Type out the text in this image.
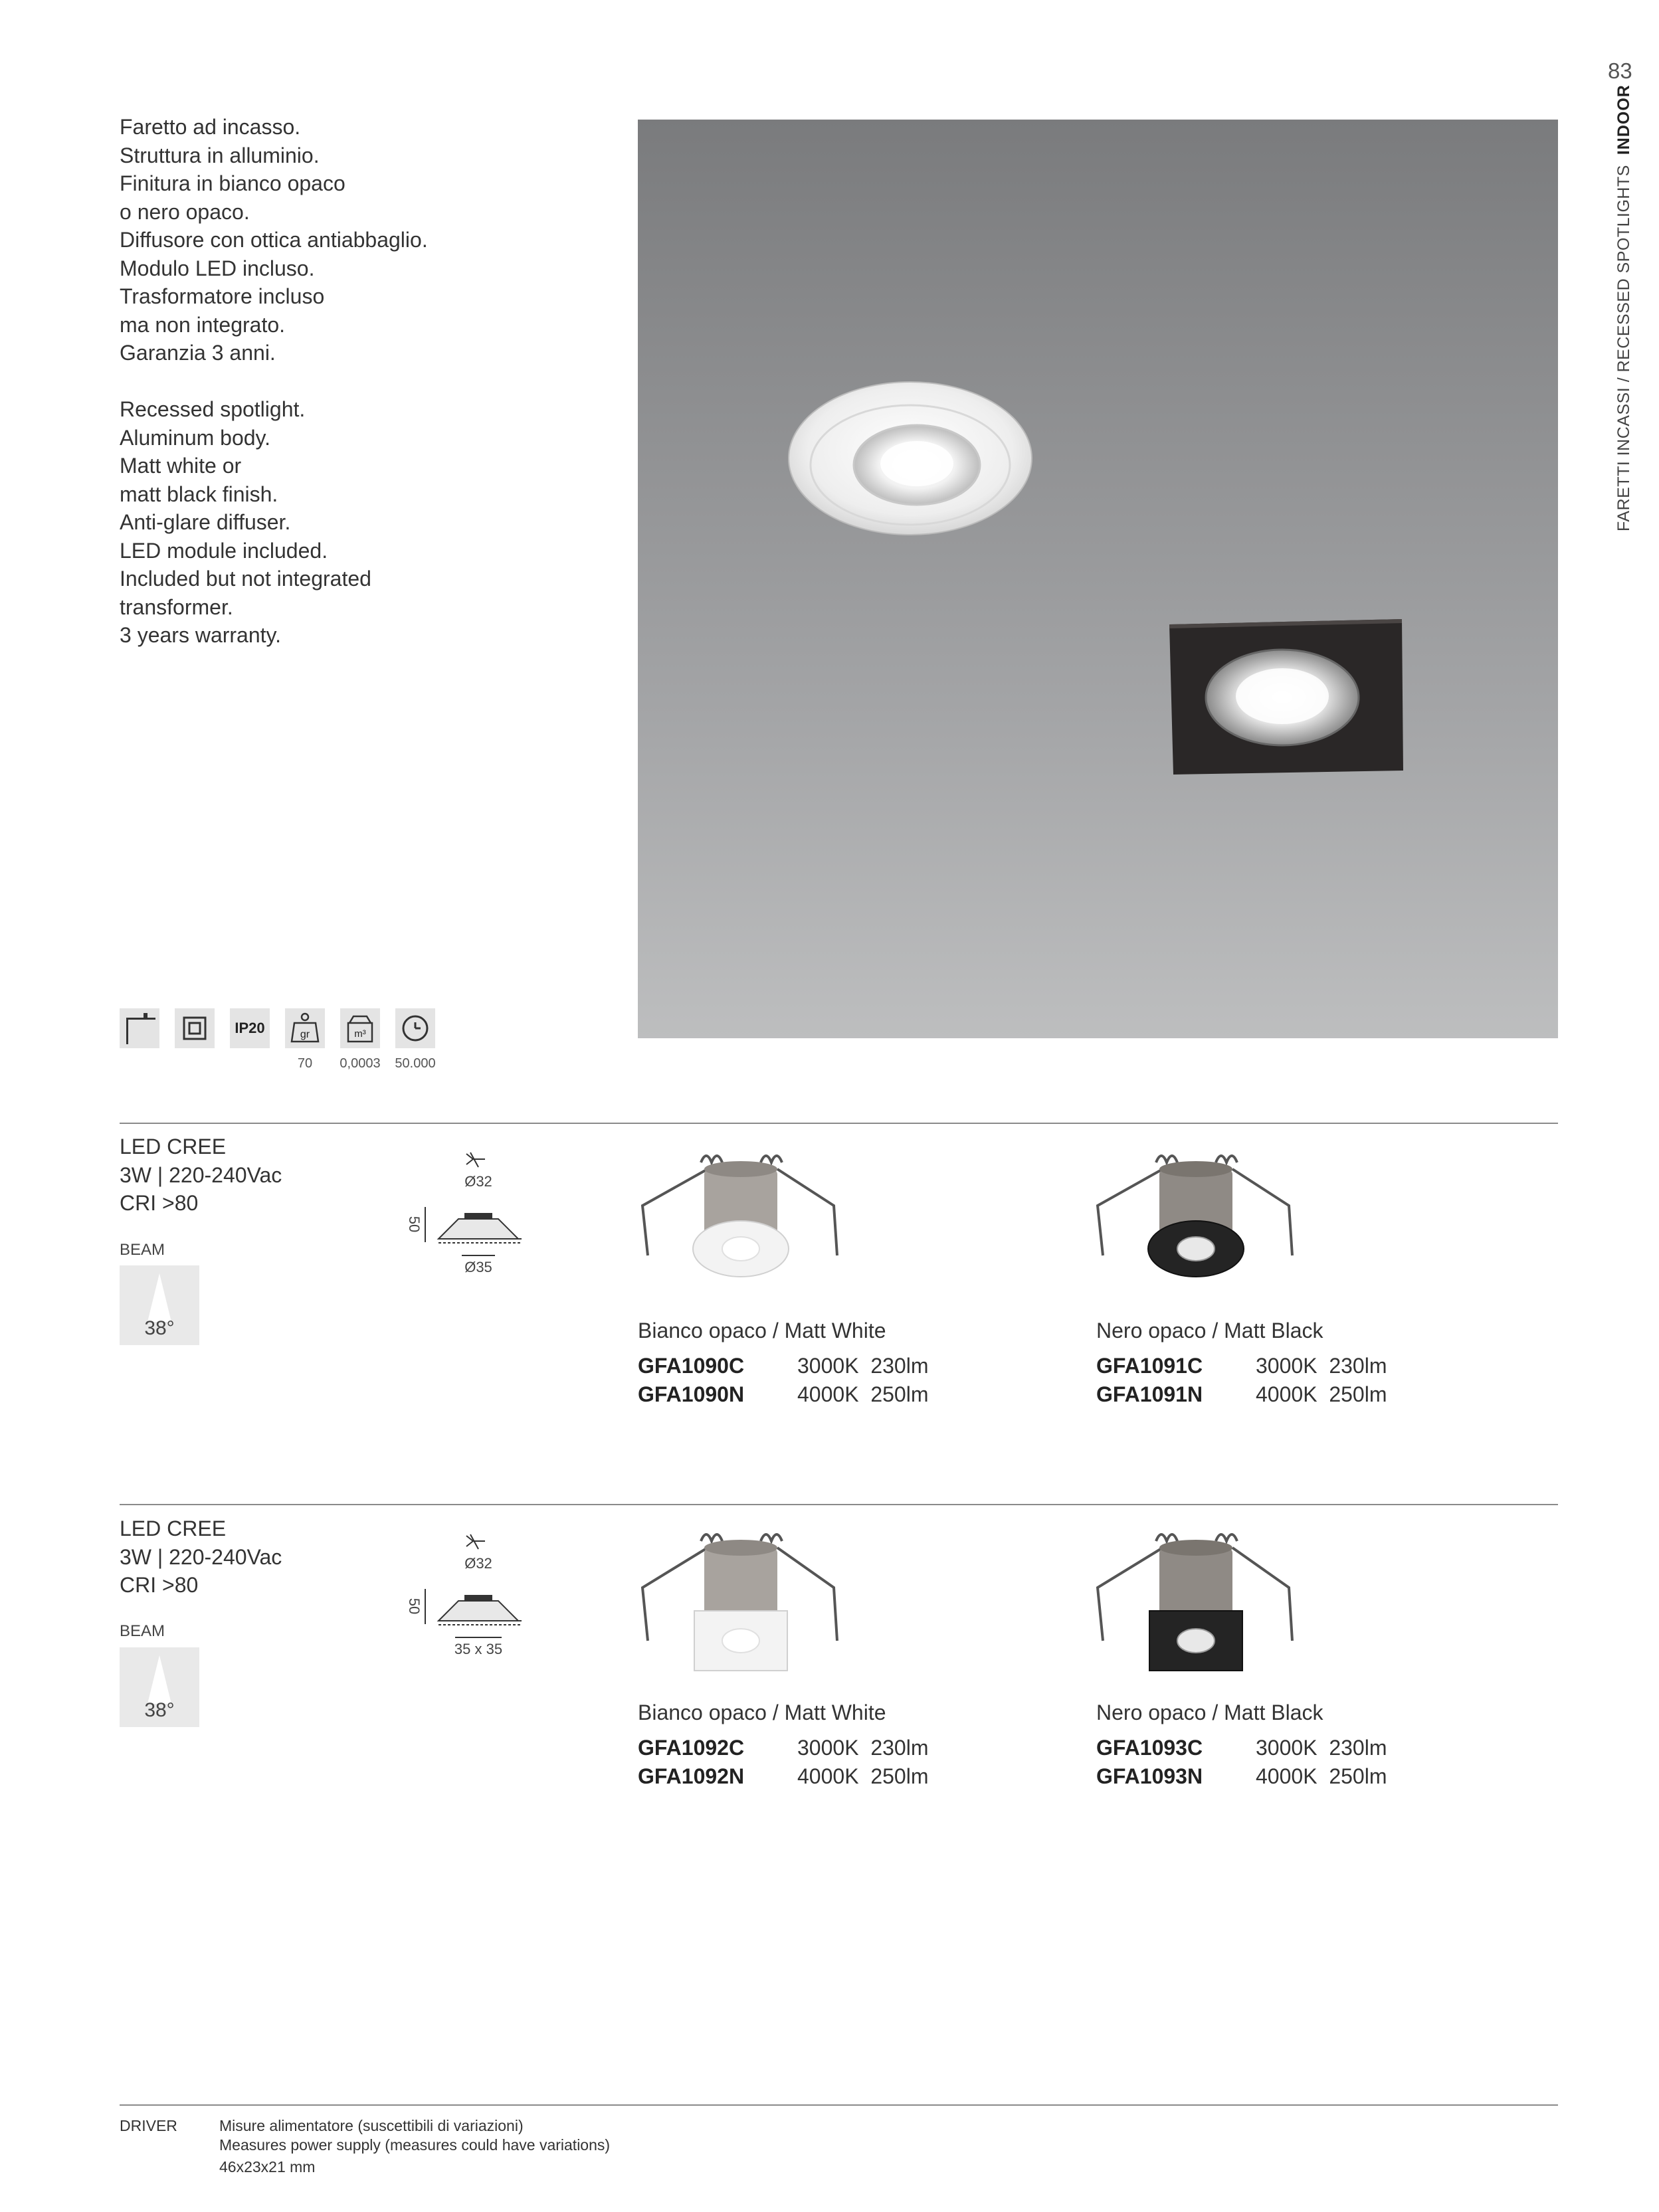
83
FARETTI INCASSI / RECESSED SPOTLIGHTS  INDOOR
Faretto ad incasso.
Struttura in alluminio.
Finitura in bianco opaco
o nero opaco.
Diffusore con ottica antiabbaglio.
Modulo LED incluso.
Trasformatore incluso
ma non integrato.
Garanzia 3 anni.
Recessed spotlight.
Aluminum body.
Matt white or
matt black finish.
Anti-glare diffuser.
LED module included.
Included but not integrated
transformer.
3 years warranty.
IP20	gr	m³
70	0,0003	50.000
LED CREE
3W | 220-240Vac
CRI >80
BEAM
38°
Ø32
50
Ø35
Bianco opaco / Matt White
GFA1090C 3000K 230lm
GFA1090N 4000K 250lm
Nero opaco / Matt Black
GFA1091C 3000K 230lm
GFA1091N 4000K 250lm
LED CREE
3W | 220-240Vac
CRI >80
BEAM
38°
Ø32
50
35 x 35
Bianco opaco / Matt White
GFA1092C 3000K 230lm
GFA1092N 4000K 250lm
Nero opaco / Matt Black
GFA1093C 3000K 230lm
GFA1093N 4000K 250lm
DRIVER	Misure alimentatore (suscettibili di variazioni)
Measures power supply (measures could have variations)
46x23x21 mm
